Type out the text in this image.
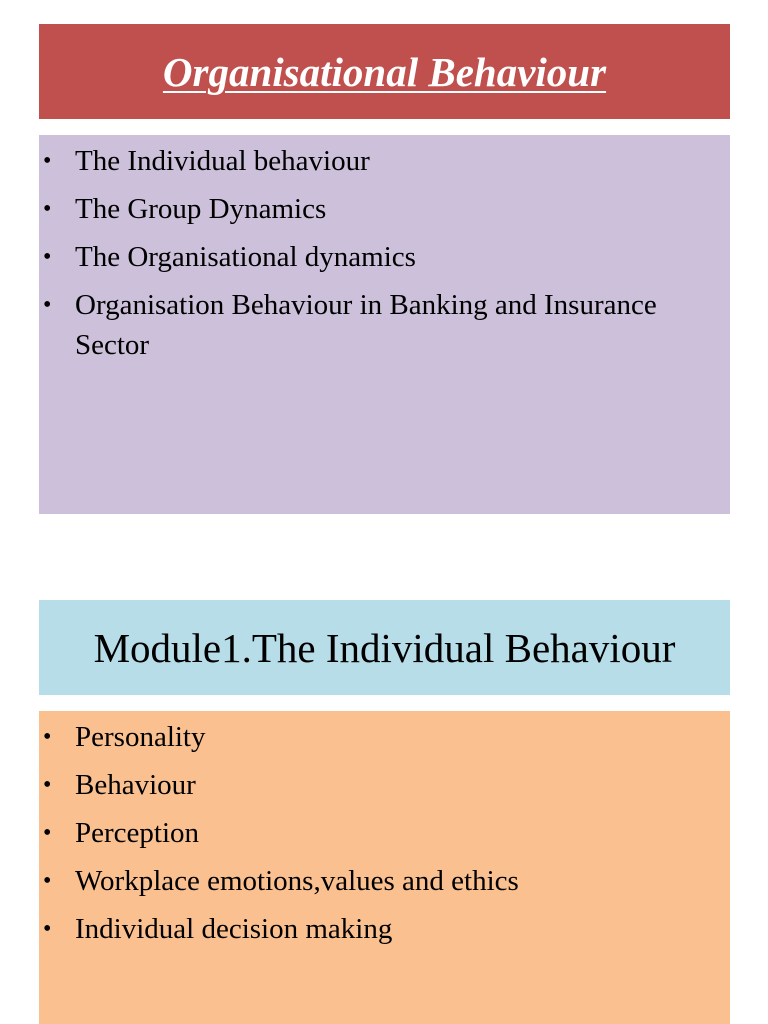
Organisational Behaviour
• The Individual behaviour
• The Group Dynamics
• The Organisational dynamics
• Organisation Behaviour in Banking and Insurance Sector
Module1.The Individual Behaviour
• Personality
• Behaviour
• Perception
• Workplace emotions,values and ethics
• Individual decision making
